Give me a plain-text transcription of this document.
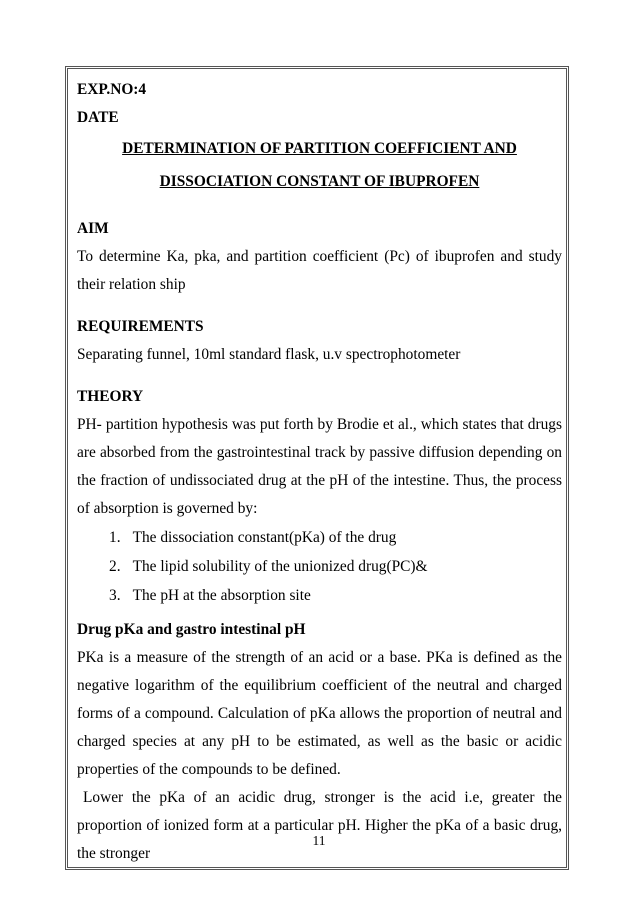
EXP.NO:4

DATE

DETERMINATION OF PARTITION COEFFICIENT AND

DISSOCIATION CONSTANT OF IBUPROFEN

AIM

To determine Ka, pka, and partition coefficient (Pc) of ibuprofen and study their relation ship

REQUIREMENTS

Separating funnel, 10ml standard flask, u.v spectrophotometer

THEORY

PH- partition hypothesis was put forth by Brodie et al., which states that drugs are absorbed from the gastrointestinal track by passive diffusion depending on the fraction of undissociated drug at the pH of the intestine. Thus, the process of absorption is governed by:

1. The dissociation constant(pKa) of the drug
2. The lipid solubility of the unionized drug(PC)&
3. The pH at the absorption site

Drug pKa and gastro intestinal pH

PKa is a measure of the strength of an acid or a base. PKa is defined as the negative logarithm of the equilibrium coefficient of the neutral and charged forms of a compound. Calculation of pKa allows the proportion of neutral and charged species at any pH to be estimated, as well as the basic or acidic properties of the compounds to be defined.

Lower the pKa of an acidic drug, stronger is the acid i.e, greater the proportion of ionized form at a particular pH. Higher the pKa of a basic drug, the stronger

11
